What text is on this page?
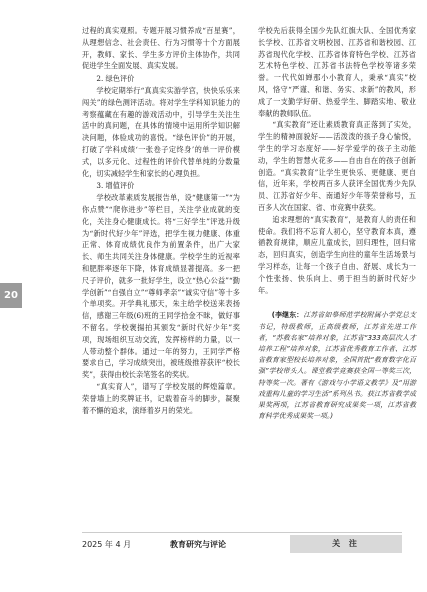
20

过程的真实观照。专题开展习惯养成“百星赛”，从理想信念、社会责任、行为习惯等十个方面展开，教师、家长、学生多方评价主体协作，共同促进学生全面发展、真实发展。

2. 绿色评价

学校定期举行“真真实实游学宫，快快乐乐来闯关”的绿色测评活动。将对学生学科知识能力的考察蕴藏在有趣的游戏活动中，引导学生关注生活中的真问题，在具体的情境中运用所学知识解决问题，体验成功的喜悦。“绿色评价”的开展，打破了学科成绩‘一张卷子定终身’的单一评价模式，以多元化、过程性的评价代替单纯的分数量化，切实减轻学生和家长的心理负担。

3. 增值评价

学校改革素质发展报告单，设“健康第一”“为你点赞”“爬你进步”等栏目，关注学业成就的变化，关注身心健康成长。将“三好学生”评选升级为“新时代好少年”评选，把学生视力健康、体重正常、体育成绩优良作为前置条件，出广大家长、师生共同关注身体健康。学校学生的近视率和肥胖率逐年下降，体育成绩显著提高。多一把尺子评价，就多一批好学生，设立“热心公益”“勤学创新”“自强自立”“尊师孝亲”“诚实守信”等十多个单项奖。开学典礼那天，朱主给学校送来表扬信，感谢三年级(6)班的王同学拾金不昧，做好事不留名。学校褒揚拍其颁发“新时代好少年”奖项，现场组织互动交流，发挥榜样的力量，以一人带动整个群体。通过一年的努力，王同学严格要求自己，学习成绩突出，被班级推荐获评“校长奖”，获得由校长亲笔签名的奖状。

“真实育人”，谱写了学校发展的辉煌篇章。荣誉墙上的奖牌证书，记载着奋斗的脚步，凝聚着不懈的追求，演绎着岁月的荣光。

学校先后获得全国少先队红旗大队、全国优秀家长学校、江苏省文明校园、江苏省和谐校园、江苏省现代化学校、江苏省体育特色学校、江苏省艺术特色学校、江苏省书法特色学校等诸多荣誉。一代代如婵那小小教育人，秉承“真实”校风，恪守“严谨、和谐、务实、求新”的教风，形成了一支勤学好研、热爱学生、脚踏实地、敬业奉献的教师队伍。

“真实教育”还让素质教育真正落到了实处，学生的精神面貌好——活泼泼的孩子身心愉悦，学生的学习态度好——好学爱学的孩子主动能动，学生的智慧火花多——自由自在的孩子创新创造。“真实教育”让学生更快乐、更健康、更自信，近年来，学校两百多人获评全国优秀少先队员、江苏省好少年、南通好少年等荣誉称号，五百多人次在国家、省、市竞赛中获奖。

追求理想的“真实教育”，是教育人的责任和使命。我们将不忘育人初心，坚守教育本真，遵循教育规律，顺应儿童成长，回归理性，回归常态，回归真实，创造学生向往的童年生活场景与学习样态，让每一个孩子自由、舒展、成长为一个性张扬、快乐向上、勇于担当的新时代好少年。

(李继东：江苏省如皋师范学校附属小学党总支书记，特级教师，正高级教师，江苏省先进工作者，“苏教名家”培养对象，江苏省“333高层次人才培养工程”培养对象，江苏省优秀教育工作者、江苏省教育家型校长培养对象，全国首批“教育数字化百强”学校带头人。课堂教学竞赛获全国一等奖三次，特等奖一次。著有《游戏与小学语文教学》及“用游戏重构儿童的学习生活”系列丛书。获江苏省教学成果奖两项，江苏省教育研究成果奖一项，江苏省教育科学优秀成果奖一项。)

2025 年 4 月	教育研究与评论	关 注
